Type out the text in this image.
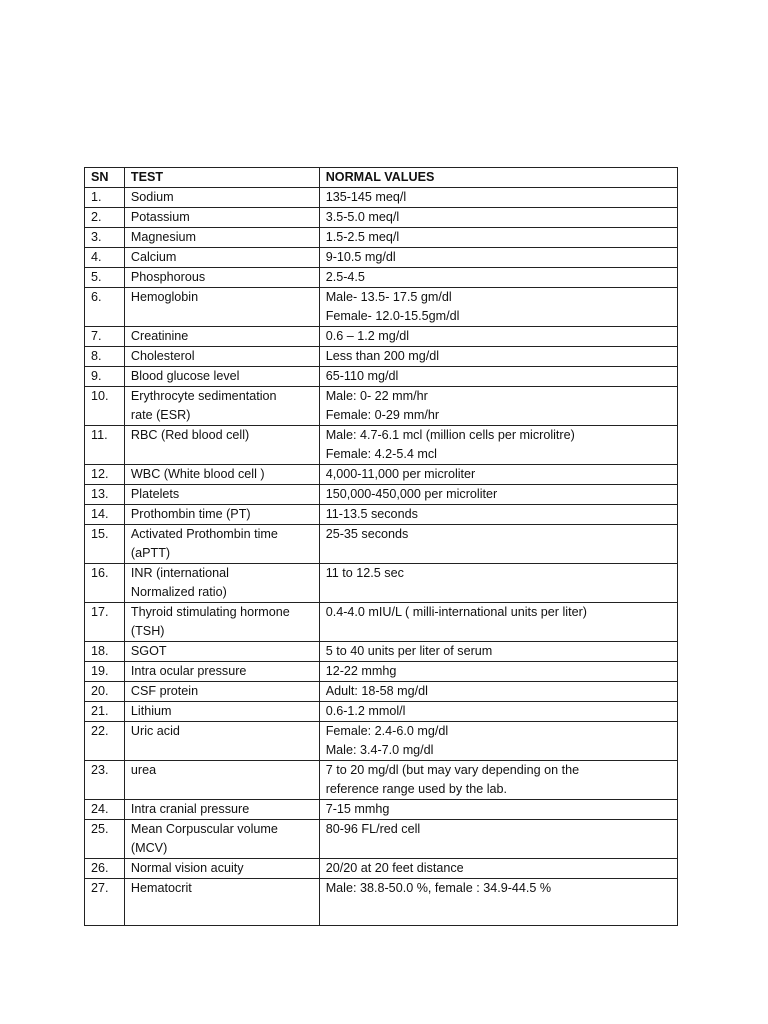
SN	TEST	NORMAL VALUES
1.	Sodium	135-145 meq/l

2.	Potassium	3.5-5.0 meq/l

3.	Magnesium	1.5-2.5 meq/l

4.	Calcium	9-10.5 mg/dl

5.	Phosphorous	2.5-4.5

6.	Hemoglobin	Male- 13.5- 17.5 gm/dl
Female- 12.0-15.5gm/dl

7.	Creatinine	0.6 – 1.2 mg/dl

8.	Cholesterol	Less than 200 mg/dl

9.	Blood glucose level	65-110 mg/dl

10.	Erythrocyte sedimentation
rate (ESR)	Male: 0- 22 mm/hr
Female: 0-29 mm/hr

11.	RBC (Red blood cell)	Male: 4.7-6.1 mcl (million cells per microlitre)
Female: 4.2-5.4 mcl

12.	WBC (White blood cell )	4,000-11,000 per microliter

13.	Platelets	150,000-450,000 per microliter

14.	Prothombin time (PT)	11-13.5 seconds

15.	Activated Prothombin time
(aPTT)	25-35 seconds

16.	INR (international
Normalized ratio)	11 to 12.5 sec

17.	Thyroid stimulating hormone
(TSH)	0.4-4.0 mIU/L ( milli-international units per liter)

18.	SGOT	5 to 40 units per liter of serum

19.	Intra ocular pressure	12-22 mmhg

20.	CSF protein	Adult: 18-58 mg/dl

21.	Lithium	0.6-1.2 mmol/l

22.	Uric acid	Female: 2.4-6.0 mg/dl
Male: 3.4-7.0 mg/dl

23.	urea	7 to 20 mg/dl (but may vary depending on the
reference range used by the lab.

24.	Intra cranial pressure	7-15 mmhg

25.	Mean Corpuscular volume
(MCV)	80-96 FL/red cell

26.	Normal vision acuity	20/20 at 20 feet distance

27.	Hematocrit	Male: 38.8-50.0 %, female : 34.9-44.5 %
